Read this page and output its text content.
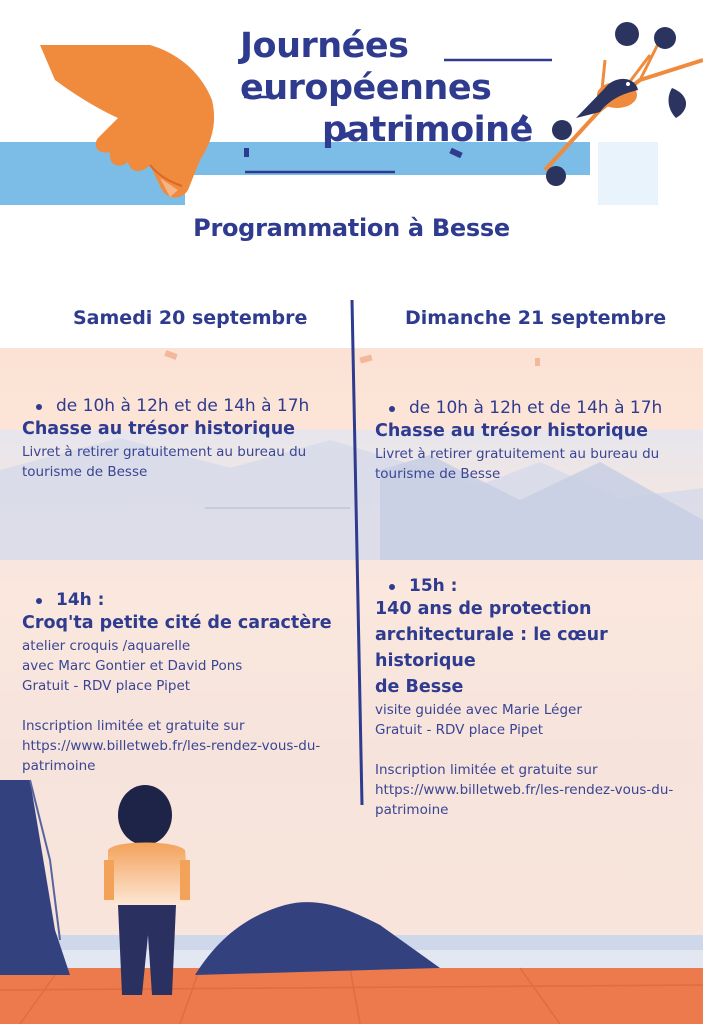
Journées
européennes
patrimoine
Programmation à Besse
Samedi 20 septembre	Dimanche 21 septembre
de 10h à 12h et de 14h à 17h
Chasse au trésor historique
Livret à retirer gratuitement au bureau du
tourisme de Besse
14h :
Croq'ta petite cité de caractère
atelier croquis /aquarelle
avec Marc Gontier et David Pons
Gratuit - RDV place Pipet
Inscription limitée et gratuite sur
https://www.billetweb.fr/les-rendez-vous-du-
patrimoine
de 10h à 12h et de 14h à 17h
Chasse au trésor historique
Livret à retirer gratuitement au bureau du
tourisme de Besse
15h :
140 ans de protection
architecturale : le cœur historique
de Besse
visite guidée avec Marie Léger
Gratuit - RDV place Pipet
Inscription limitée et gratuite sur
https://www.billetweb.fr/les-rendez-vous-du-
patrimoine
